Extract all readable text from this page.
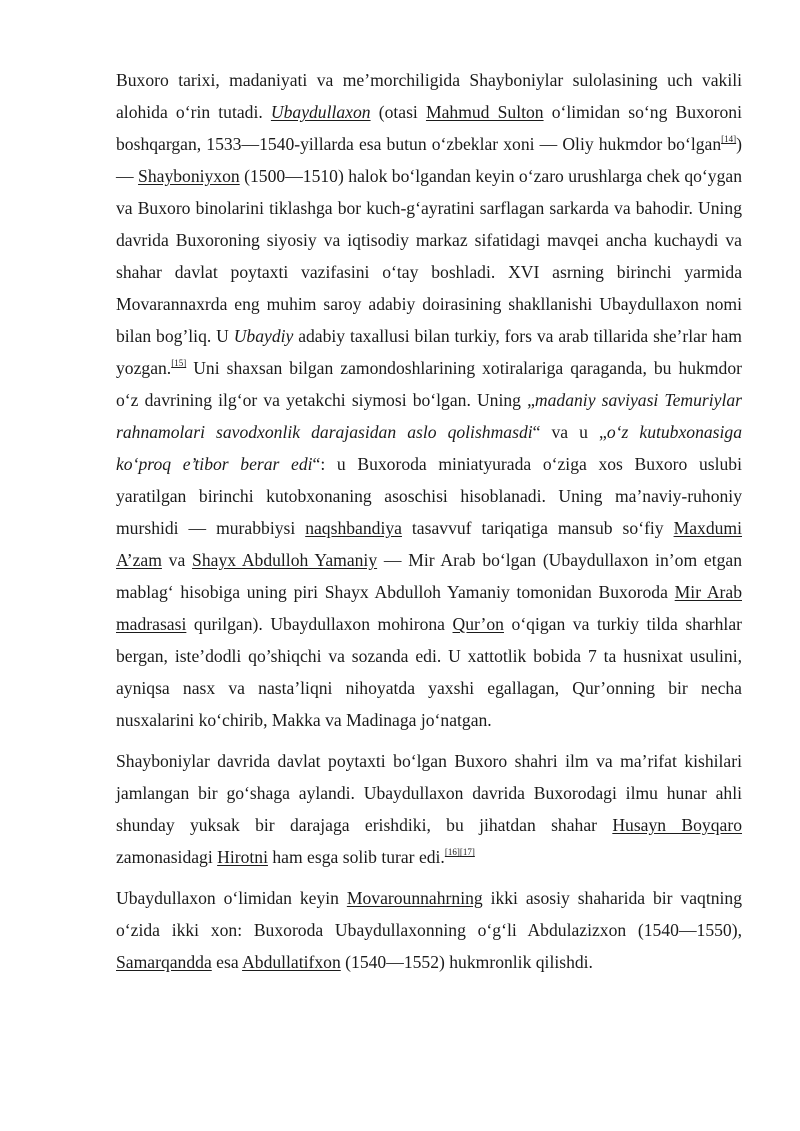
Buxoro tarixi, madaniyati va me’morchiligida Shayboniylar sulolasining uch vakili alohida o‘rin tutadi. Ubaydullaxon (otasi Mahmud Sulton o‘limidan so‘ng Buxoroni boshqargan, 1533—1540-yillarda esa butun o‘zbeklar xoni — Oliy hukmdor bo‘lgan[14]) — Shayboniyxon (1500—1510) halok bo‘lgandan keyin o‘zaro urushlarga chek qo‘ygan va Buxoro binolarini tiklashga bor kuch-g‘ayratini sarflagan sarkarda va bahodir. Uning davrida Buxoroning siyosiy va iqtisodiy markaz sifatidagi mavqei ancha kuchaydi va shahar davlat poytaxti vazifasini o‘tay boshladi. XVI asrning birinchi yarmida Movarannaxrda eng muhim saroy adabiy doirasining shakllanishi Ubaydullaxon nomi bilan bog’liq. U Ubaydiy adabiy taxallusi bilan turkiy, fors va arab tillarida she’rlar ham yozgan.[15] Uni shaxsan bilgan zamondoshlarining xotiralariga qaraganda, bu hukmdor o‘z davrining ilg‘or va yetakchi siymosi bo‘lgan. Uning „madaniy saviyasi Temuriylar rahnamolari savodxonlik darajasidan aslo qolishmasdi“ va u „o‘z kutubxonasiga ko‘proq e’tibor berar edi“: u Buxoroda miniatyurada o‘ziga xos Buxoro uslubi yaratilgan birinchi kutobxonaning asoschisi hisoblanadi. Uning ma’naviy-ruhoniy murshidi — murabbiysi naqshbandiya tasavvuf tariqatiga mansub so‘fiy Maxdumi A’zam va Shayx Abdulloh Yamaniy — Mir Arab bo‘lgan (Ubaydullaxon in’om etgan mablag‘ hisobiga uning piri Shayx Abdulloh Yamaniy tomonidan Buxoroda Mir Arab madrasasi qurilgan). Ubaydullaxon mohirona Qur’on o‘qigan va turkiy tilda sharhlar bergan, iste’dodli qo’shiqchi va sozanda edi. U xattotlik bobida 7 ta husnixat usulini, ayniqsa nasx va nasta’liqni nihoyatda yaxshi egallagan, Qur’onning bir necha nusxalarini ko‘chirib, Makka va Madinaga jo‘natgan.

Shayboniylar davrida davlat poytaxti bo‘lgan Buxoro shahri ilm va ma’rifat kishilari jamlangan bir go‘shaga aylandi. Ubaydullaxon davrida Buxorodagi ilmu hunar ahli shunday yuksak bir darajaga erishdiki, bu jihatdan shahar Husayn Boyqaro zamonasidagi Hirotni ham esga solib turar edi.[16][17]

Ubaydullaxon o‘limidan keyin Movarounnahrning ikki asosiy shaharida bir vaqtning o‘zida ikki xon: Buxoroda Ubaydullaxonning o‘g‘li Abdulazizxon (1540—1550), Samarqandda esa Abdullatifxon (1540—1552) hukmronlik qilishdi.
